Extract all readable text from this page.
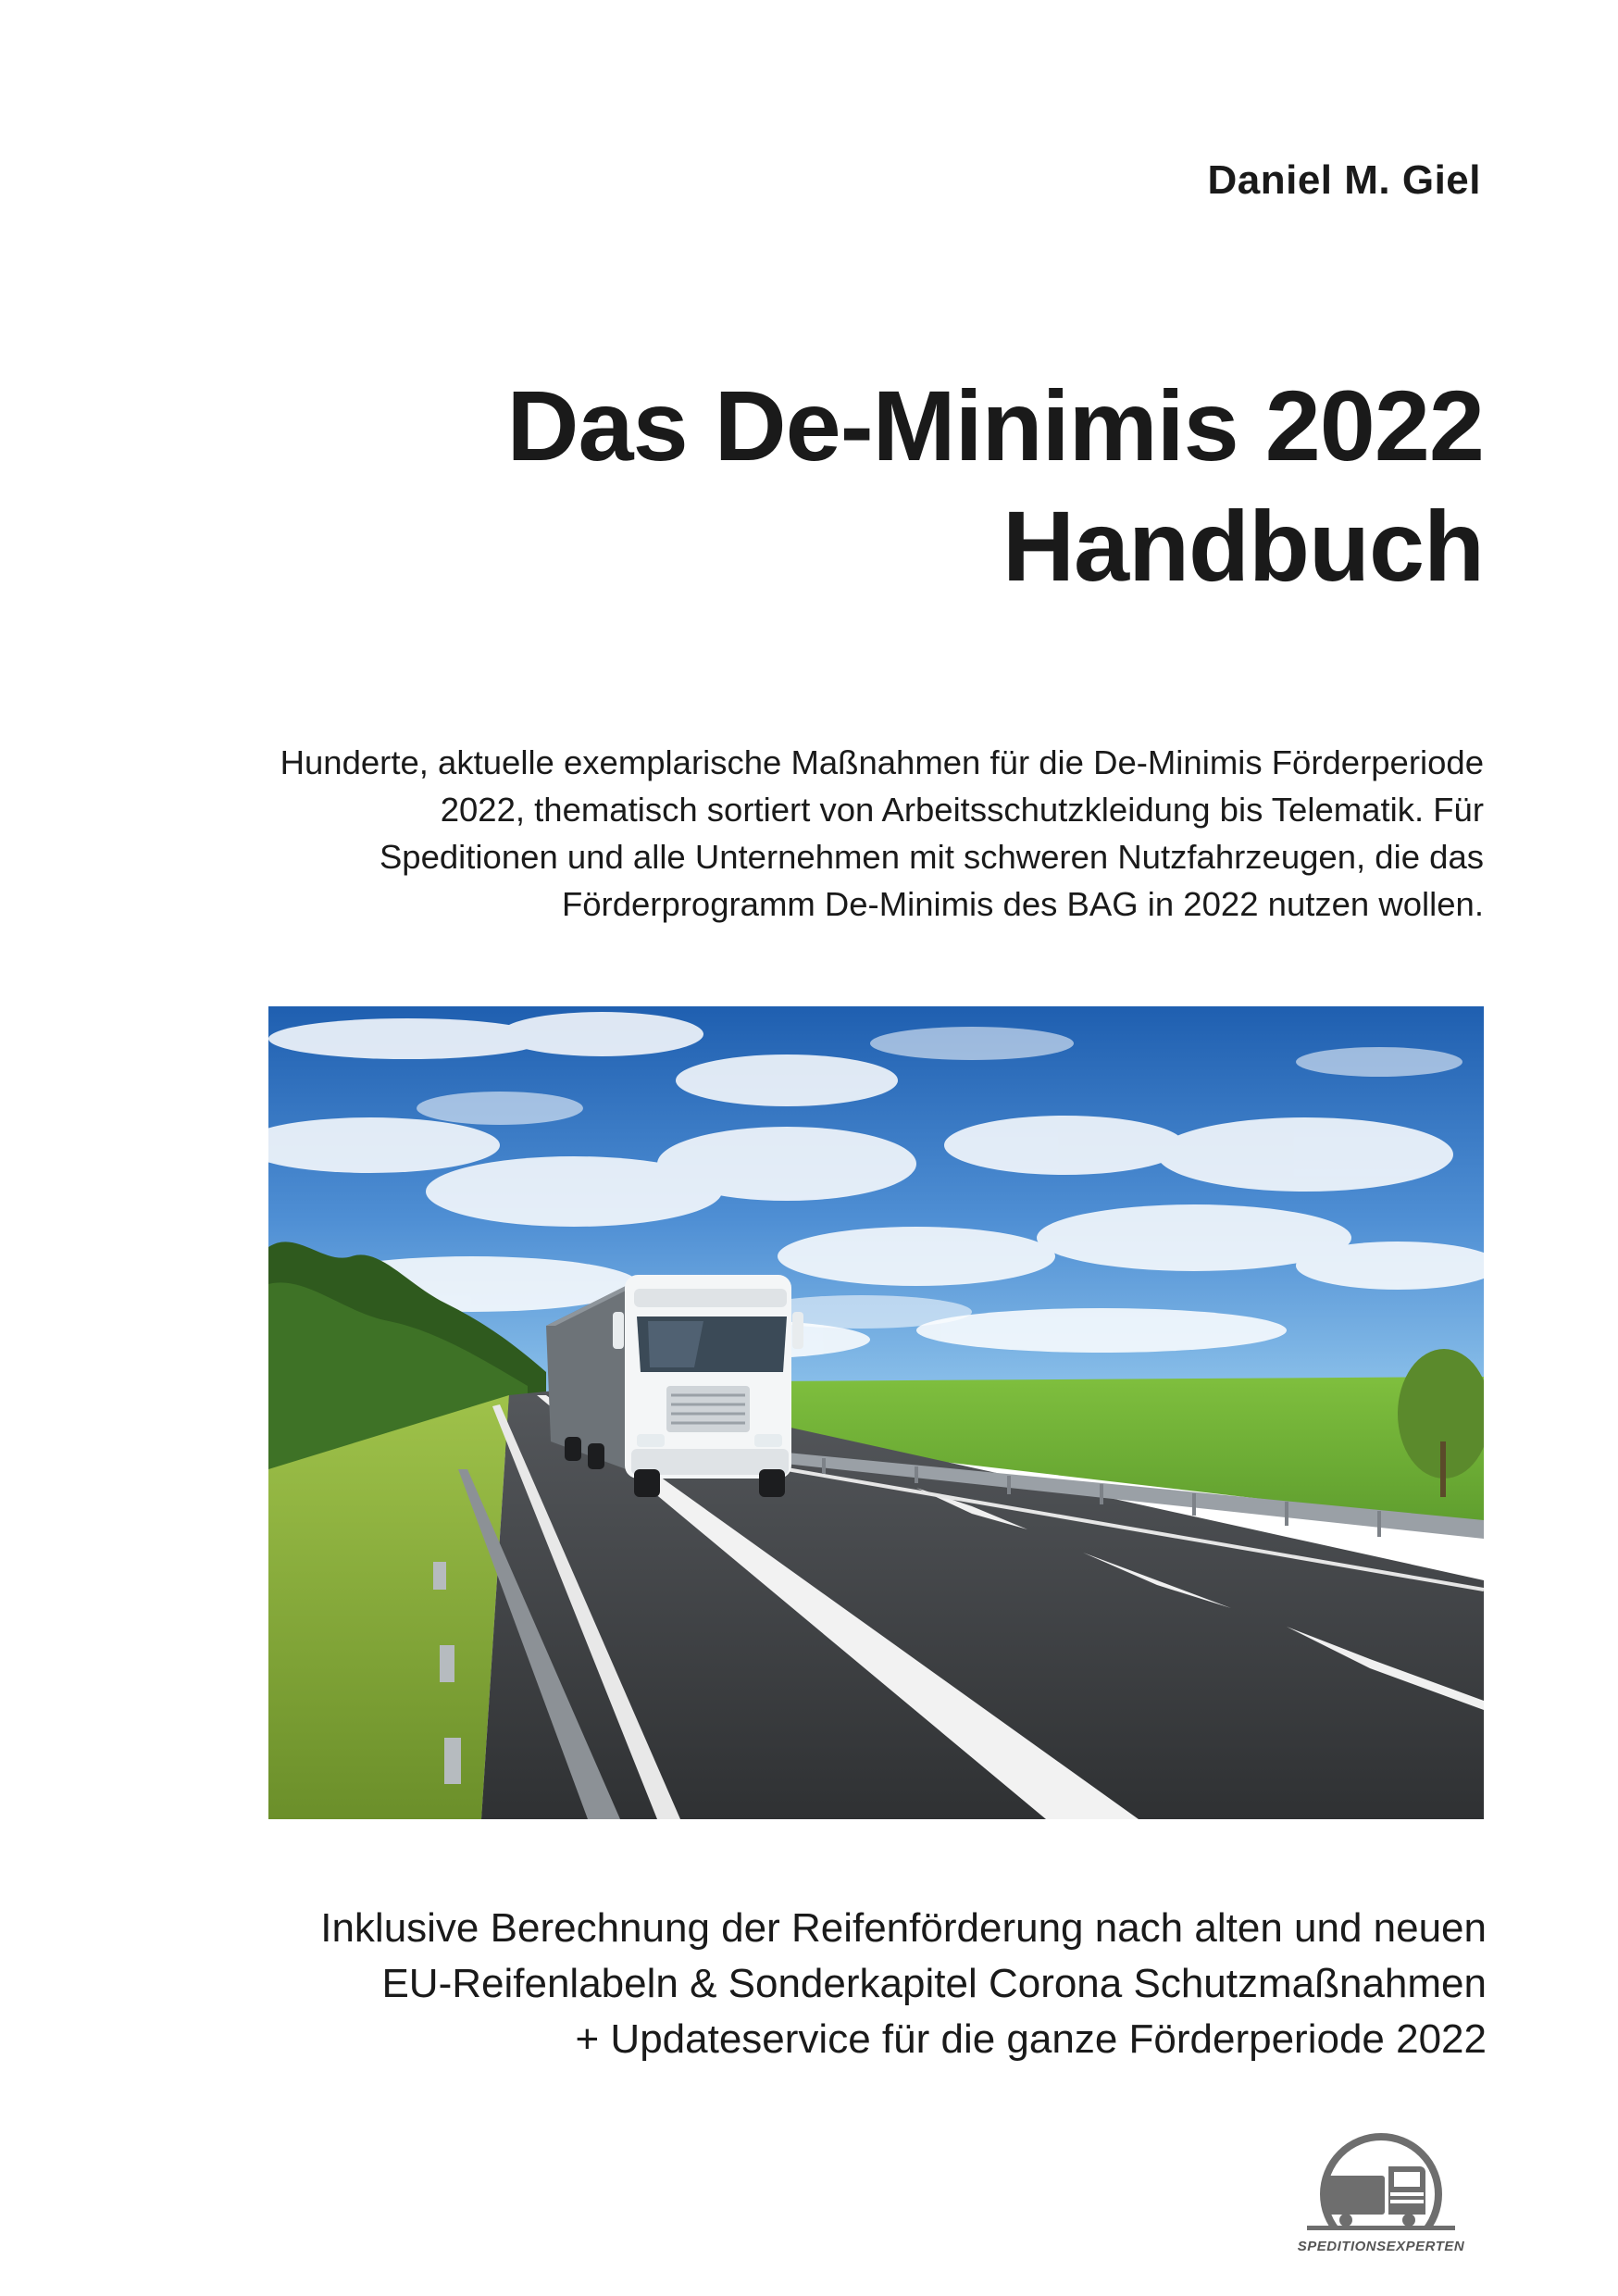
Daniel M. Giel
Das De-Minimis 2022
Handbuch
Hunderte, aktuelle exemplarische Maßnahmen für die De-Minimis Förderperiode
2022, thematisch sortiert von Arbeitsschutzkleidung bis Telematik. Für
Speditionen und alle Unternehmen mit schweren Nutzfahrzeugen, die das
Förderprogramm De-Minimis des BAG in 2022 nutzen wollen.
Inklusive Berechnung der Reifenförderung nach alten und neuen
EU-Reifenlabeln & Sonderkapitel Corona Schutzmaßnahmen
+ Updateservice für die ganze Förderperiode 2022
SPEDITIONSEXPERTEN
